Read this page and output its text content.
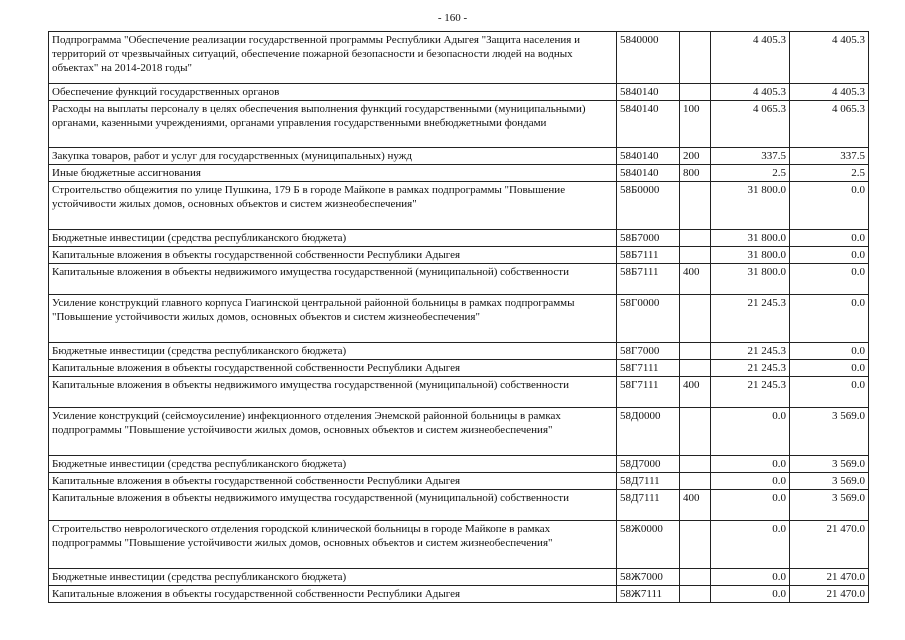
- 160 -
Подпрограмма "Обеспечение реализации государственной программы Республики Адыгея "Защита населения и территорий от чрезвычайных ситуаций, обеспечение пожарной безопасности и безопасности людей на водных объектах" на 2014-2018 годы"	5840000		4 405.3	4 405.3
Обеспечение функций государственных органов	5840140		4 405.3	4 405.3
Расходы на выплаты персоналу в целях обеспечения выполнения функций государственными (муниципальными) органами, казенными учреждениями, органами управления государственными внебюджетными фондами	5840140	100	4 065.3	4 065.3
Закупка товаров, работ и услуг для государственных (муниципальных) нужд	5840140	200	337.5	337.5
Иные бюджетные ассигнования	5840140	800	2.5	2.5
Строительство общежития по улице Пушкина, 179 Б в городе Майкопе в рамках подпрограммы "Повышение устойчивости жилых домов, основных объектов и систем жизнеобеспечения"	58Б0000		31 800.0	0.0
Бюджетные инвестиции (средства республиканского бюджета)	58Б7000		31 800.0	0.0
Капитальные вложения в объекты государственной собственности Республики Адыгея	58Б7111		31 800.0	0.0
Капитальные вложения в объекты недвижимого имущества государственной (муниципальной) собственности	58Б7111	400	31 800.0	0.0
Усиление конструкций главного корпуса Гиагинской центральной районной больницы в рамках подпрограммы "Повышение устойчивости жилых домов, основных объектов и систем жизнеобеспечения"	58Г0000		21 245.3	0.0
Бюджетные инвестиции (средства республиканского бюджета)	58Г7000		21 245.3	0.0
Капитальные вложения в объекты государственной собственности Республики Адыгея	58Г7111		21 245.3	0.0
Капитальные вложения в объекты недвижимого имущества государственной (муниципальной) собственности	58Г7111	400	21 245.3	0.0
Усиление конструкций (сейсмоусиление) инфекционного отделения Энемской районной больницы в рамках подпрограммы "Повышение устойчивости жилых домов, основных объектов и систем жизнеобеспечения"	58Д0000		0.0	3 569.0
Бюджетные инвестиции (средства республиканского бюджета)	58Д7000		0.0	3 569.0
Капитальные вложения в объекты государственной собственности Республики Адыгея	58Д7111		0.0	3 569.0
Капитальные вложения в объекты недвижимого имущества государственной (муниципальной) собственности	58Д7111	400	0.0	3 569.0
Строительство неврологического отделения городской клинической больницы в городе Майкопе в рамках подпрограммы "Повышение устойчивости жилых домов, основных объектов и систем жизнеобеспечения"	58Ж0000		0.0	21 470.0
Бюджетные инвестиции (средства республиканского бюджета)	58Ж7000		0.0	21 470.0
Капитальные вложения в объекты государственной собственности Республики Адыгея	58Ж7111		0.0	21 470.0
